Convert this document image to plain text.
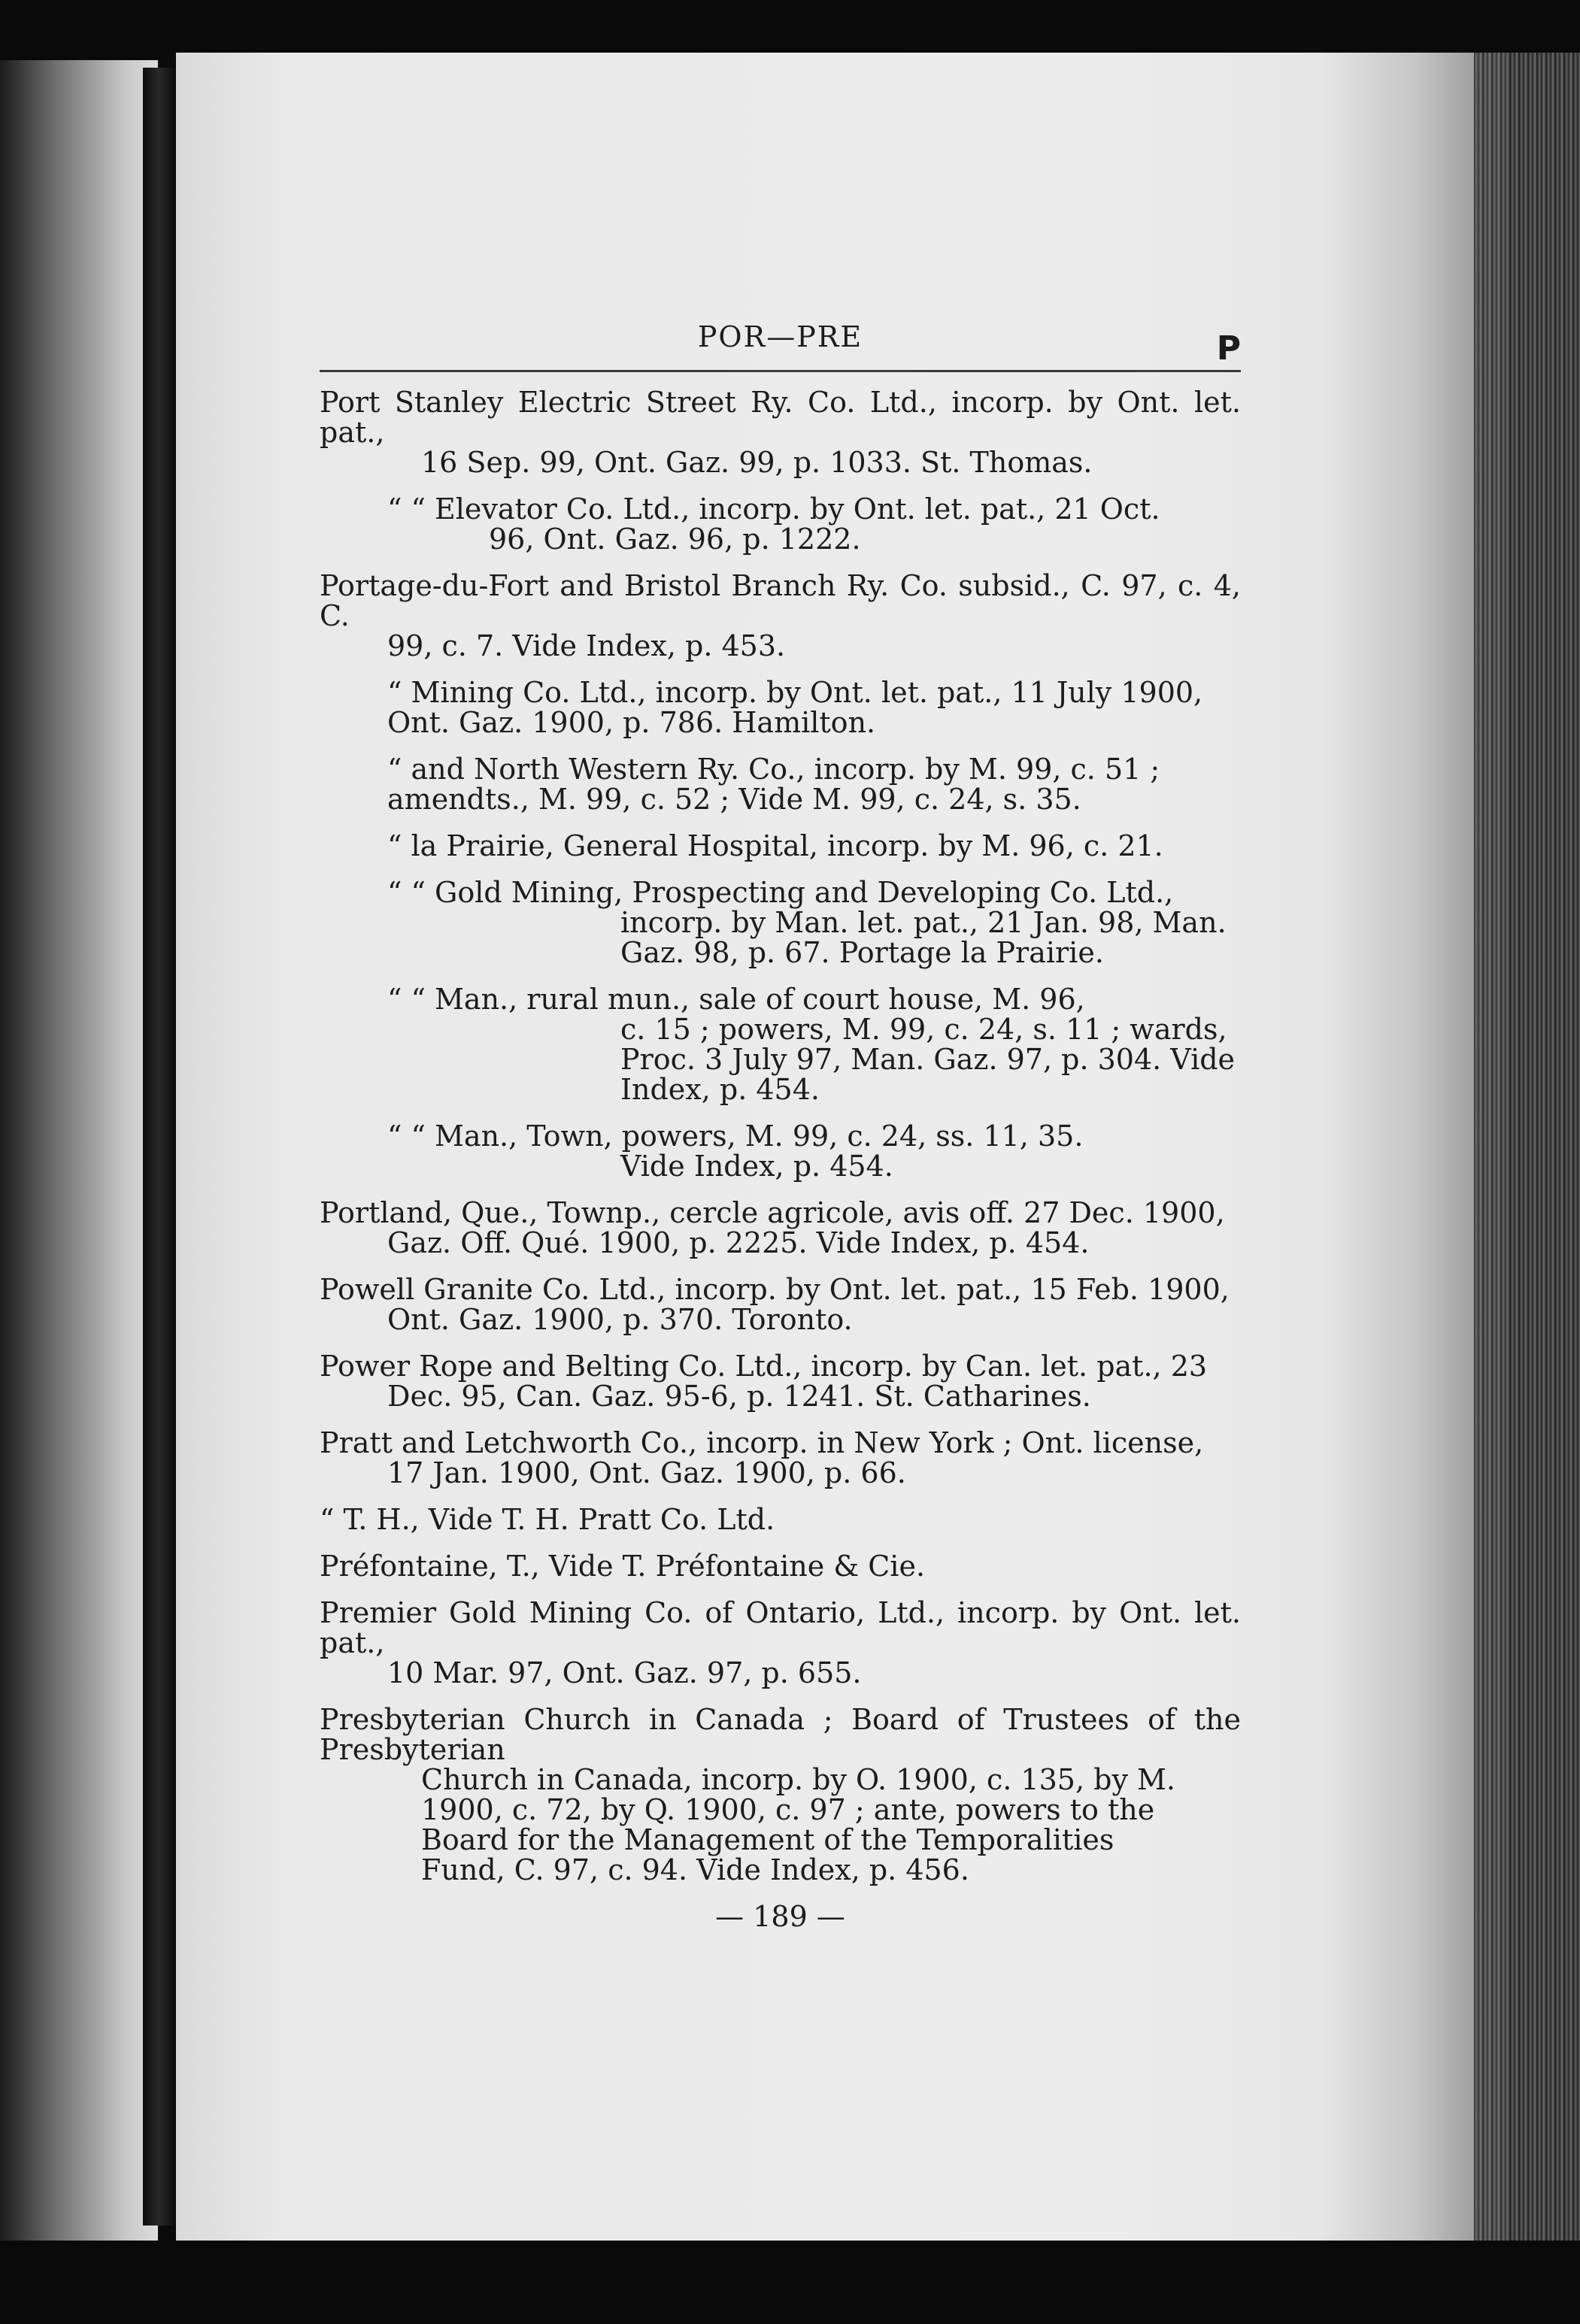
POR—PRE	P
Port Stanley Electric Street Ry. Co. Ltd., incorp. by Ont. let. pat.,
16 Sep. 99, Ont. Gaz. 99, p. 1033. St. Thomas.
“ “ Elevator Co. Ltd., incorp. by Ont. let. pat., 21 Oct.
96, Ont. Gaz. 96, p. 1222.
Portage-du-Fort and Bristol Branch Ry. Co. subsid., C. 97, c. 4, C.
99, c. 7. Vide Index, p. 453.
“ Mining Co. Ltd., incorp. by Ont. let. pat., 11 July 1900,
Ont. Gaz. 1900, p. 786. Hamilton.
“ and North Western Ry. Co., incorp. by M. 99, c. 51 ;
amendts., M. 99, c. 52 ; Vide M. 99, c. 24, s. 35.
“ la Prairie, General Hospital, incorp. by M. 96, c. 21.
“ “ Gold Mining, Prospecting and Developing Co. Ltd.,
incorp. by Man. let. pat., 21 Jan. 98, Man.
Gaz. 98, p. 67. Portage la Prairie.
“ “ Man., rural mun., sale of court house, M. 96,
c. 15 ; powers, M. 99, c. 24, s. 11 ; wards,
Proc. 3 July 97, Man. Gaz. 97, p. 304. Vide
Index, p. 454.
“ “ Man., Town, powers, M. 99, c. 24, ss. 11, 35.
Vide Index, p. 454.
Portland, Que., Townp., cercle agricole, avis off. 27 Dec. 1900,
Gaz. Off. Qué. 1900, p. 2225. Vide Index, p. 454.
Powell Granite Co. Ltd., incorp. by Ont. let. pat., 15 Feb. 1900,
Ont. Gaz. 1900, p. 370. Toronto.
Power Rope and Belting Co. Ltd., incorp. by Can. let. pat., 23
Dec. 95, Can. Gaz. 95-6, p. 1241. St. Catharines.
Pratt and Letchworth Co., incorp. in New York ; Ont. license,
17 Jan. 1900, Ont. Gaz. 1900, p. 66.
“ T. H., Vide T. H. Pratt Co. Ltd.
Préfontaine, T., Vide T. Préfontaine & Cie.
Premier Gold Mining Co. of Ontario, Ltd., incorp. by Ont. let. pat.,
10 Mar. 97, Ont. Gaz. 97, p. 655.
Presbyterian Church in Canada ; Board of Trustees of the Presbyterian
Church in Canada, incorp. by O. 1900, c. 135, by M.
1900, c. 72, by Q. 1900, c. 97 ; ante, powers to the
Board for the Management of the Temporalities
Fund, C. 97, c. 94. Vide Index, p. 456.
— 189 —
